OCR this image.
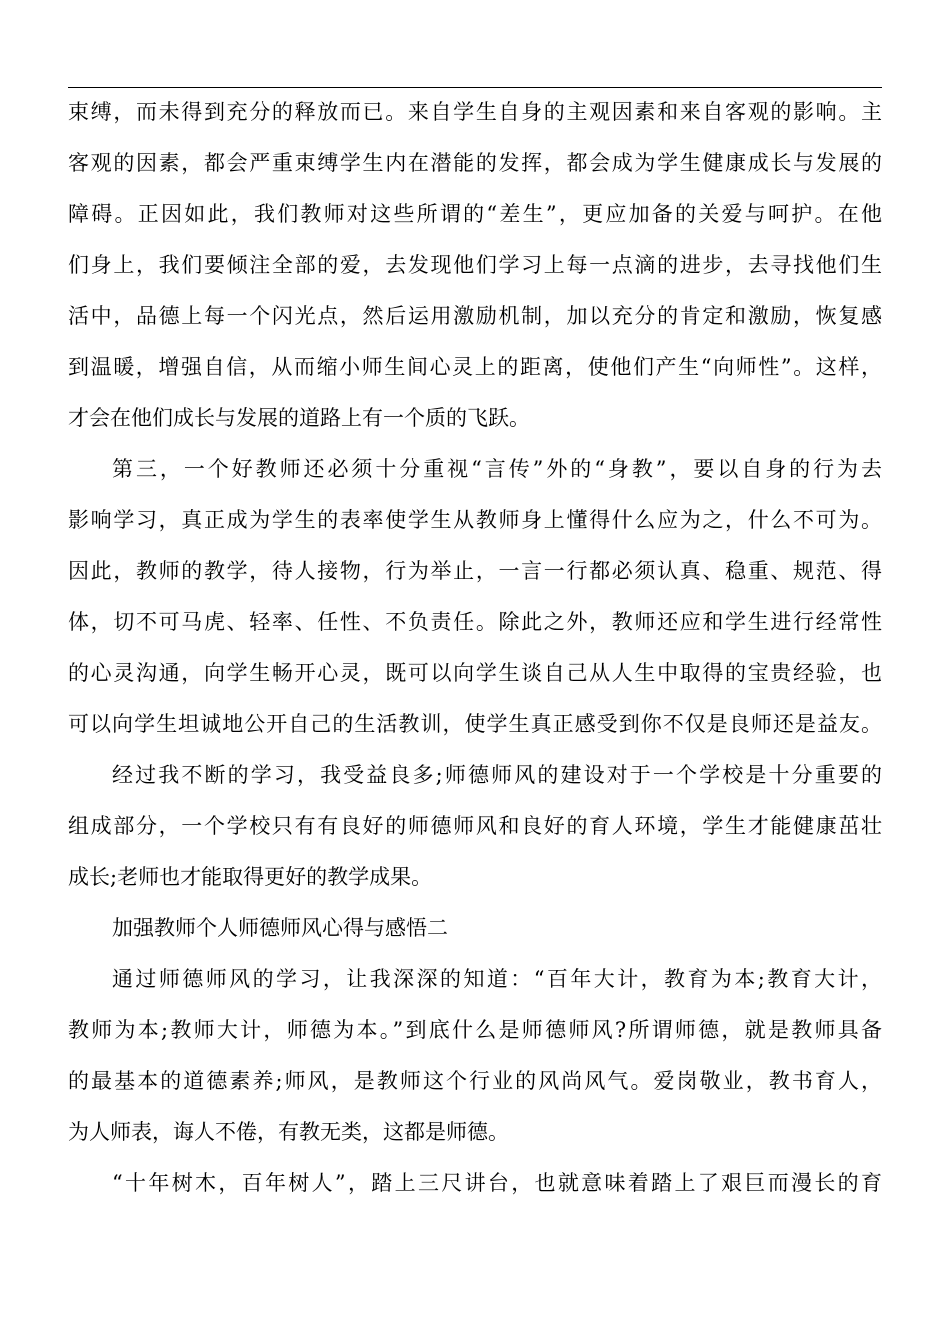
束缚，而未得到充分的释放而已。来自学生自身的主观因素和来自客观的影响。主
客观的因素，都会严重束缚学生内在潜能的发挥，都会成为学生健康成长与发展的
障碍。正因如此，我们教师对这些所谓的“差生”，更应加备的关爱与呵护。在他
们身上，我们要倾注全部的爱，去发现他们学习上每一点滴的进步，去寻找他们生
活中，品德上每一个闪光点，然后运用激励机制，加以充分的肯定和激励，恢复感
到温暖，增强自信，从而缩小师生间心灵上的距离，使他们产生“向师性”。这样，
才会在他们成长与发展的道路上有一个质的飞跃。
第三，一个好教师还必须十分重视“言传”外的“身教”，要以自身的行为去
影响学习，真正成为学生的表率使学生从教师身上懂得什么应为之，什么不可为。
因此，教师的教学，待人接物，行为举止，一言一行都必须认真、稳重、规范、得
体，切不可马虎、轻率、任性、不负责任。除此之外，教师还应和学生进行经常性
的心灵沟通，向学生畅开心灵，既可以向学生谈自己从人生中取得的宝贵经验，也
可以向学生坦诚地公开自己的生活教训，使学生真正感受到你不仅是良师还是益友。
经过我不断的学习，我受益良多;师德师风的建设对于一个学校是十分重要的
组成部分，一个学校只有有良好的师德师风和良好的育人环境，学生才能健康茁壮
成长;老师也才能取得更好的教学成果。
加强教师个人师德师风心得与感悟二
通过师德师风的学习，让我深深的知道：“百年大计，教育为本;教育大计，
教师为本;教师大计，师德为本。”到底什么是师德师风?所谓师德，就是教师具备
的最基本的道德素养;师风，是教师这个行业的风尚风气。爱岗敬业，教书育人，
为人师表，诲人不倦，有教无类，这都是师德。
“十年树木，百年树人”，踏上三尺讲台，也就意味着踏上了艰巨而漫长的育
